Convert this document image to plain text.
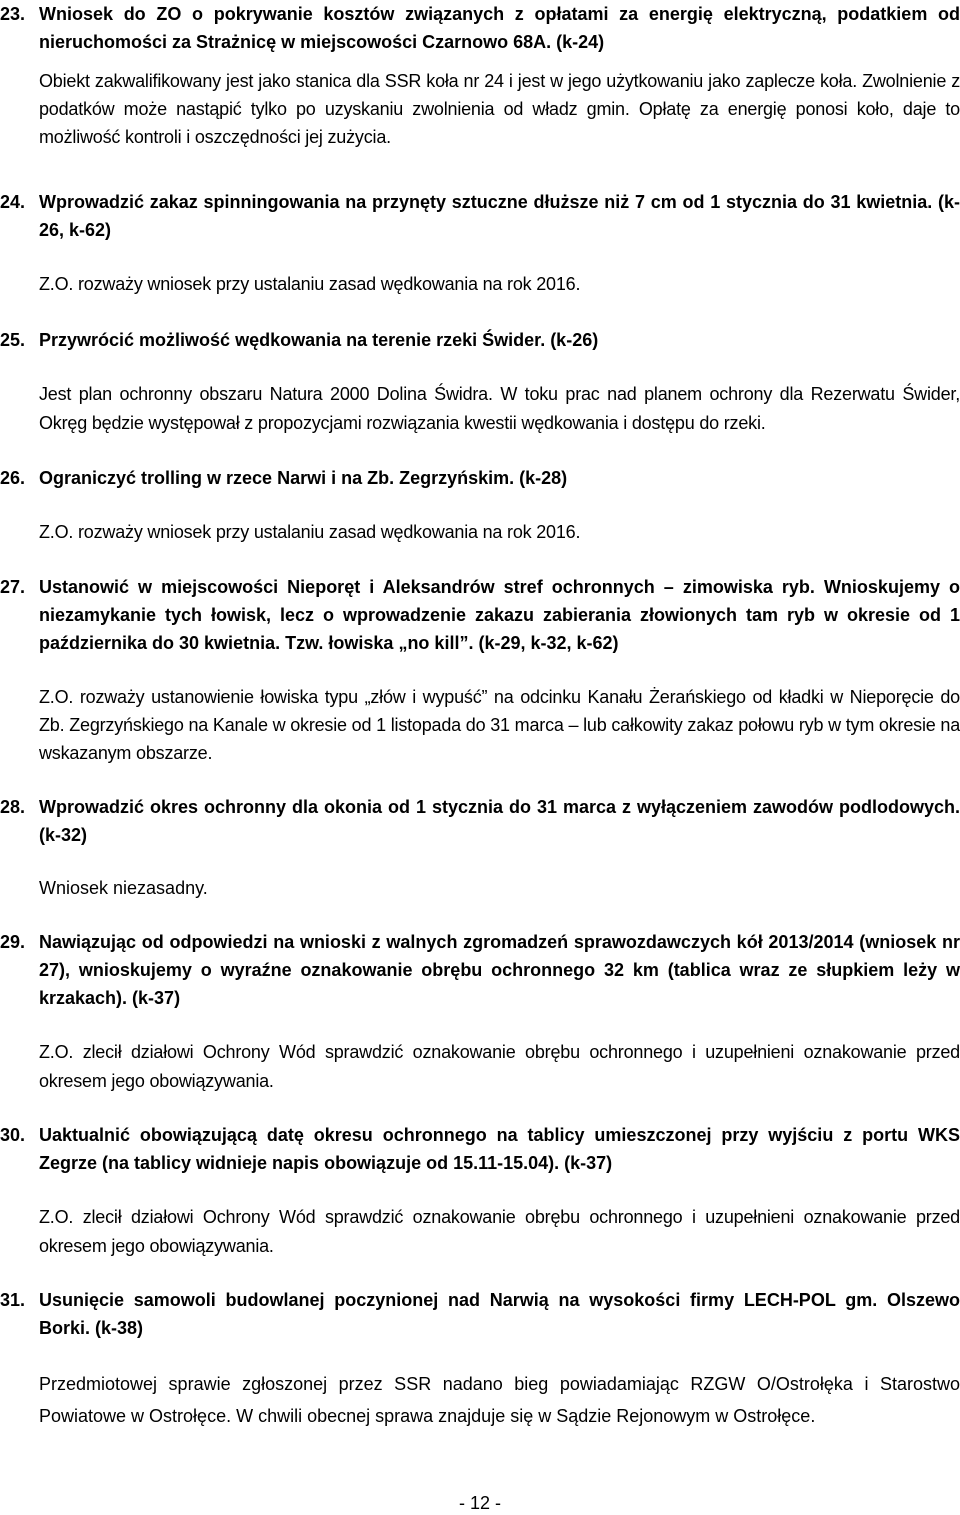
23. Wniosek do ZO o pokrywanie kosztów związanych z opłatami za energię elektryczną, podatkiem od nieruchomości za Strażnicę w miejscowości Czarnowo 68A. (k-24)

Obiekt zakwalifikowany jest jako stanica dla SSR koła nr 24 i jest w jego użytkowaniu jako zaplecze koła. Zwolnienie z podatków może nastąpić tylko po uzyskaniu zwolnienia od władz gmin. Opłatę za energię ponosi koło, daje to możliwość kontroli i oszczędności jej zużycia.

24. Wprowadzić zakaz spinningowania na przynęty sztuczne dłuższe niż 7 cm od 1 stycznia do 31 kwietnia. (k-26, k-62)

Z.O. rozważy wniosek przy ustalaniu zasad wędkowania na rok 2016.

25. Przywrócić możliwość wędkowania na terenie rzeki Świder. (k-26)

Jest plan ochronny obszaru Natura 2000 Dolina Świdra. W toku prac nad planem ochrony dla Rezerwatu Świder, Okręg będzie występował z propozycjami rozwiązania kwestii wędkowania i dostępu do rzeki.

26. Ograniczyć trolling w rzece Narwi i na Zb. Zegrzyńskim. (k-28)

Z.O. rozważy wniosek przy ustalaniu zasad wędkowania na rok 2016.

27. Ustanowić w miejscowości Nieporęt i Aleksandrów stref ochronnych – zimowiska ryb. Wnioskujemy o niezamykanie tych łowisk, lecz o wprowadzenie zakazu zabierania złowionych tam ryb w okresie od 1 października do 30 kwietnia. Tzw. łowiska „no kill”. (k-29, k-32, k-62)

Z.O. rozważy ustanowienie łowiska typu „złów i wypuść” na odcinku Kanału Żerańskiego od kładki w Nieporęcie do Zb. Zegrzyńskiego na Kanale w okresie od 1 listopada do 31 marca – lub całkowity zakaz połowu ryb w tym okresie na wskazanym obszarze.

28. Wprowadzić okres ochronny dla okonia od 1 stycznia do 31 marca z wyłączeniem zawodów podlodowych. (k-32)

Wniosek niezasadny.

29. Nawiązując od odpowiedzi na wnioski z walnych zgromadzeń sprawozdawczych kół 2013/2014 (wniosek nr 27), wnioskujemy o wyraźne oznakowanie obrębu ochronnego 32 km (tablica wraz ze słupkiem leży w krzakach). (k-37)

Z.O. zlecił działowi Ochrony Wód sprawdzić oznakowanie obrębu ochronnego i uzupełnieni oznakowanie przed okresem jego obowiązywania.

30. Uaktualnić obowiązującą datę okresu ochronnego na tablicy umieszczonej przy wyjściu z portu WKS Zegrze (na tablicy widnieje napis obowiązuje od 15.11-15.04). (k-37)

Z.O. zlecił działowi Ochrony Wód sprawdzić oznakowanie obrębu ochronnego i uzupełnieni oznakowanie przed okresem jego obowiązywania.

31. Usunięcie samowoli budowlanej poczynionej nad Narwią na wysokości firmy LECH-POL gm. Olszewo Borki. (k-38)

Przedmiotowej sprawie zgłoszonej przez SSR nadano bieg powiadamiając RZGW O/Ostrołęka i Starostwo Powiatowe w Ostrołęce. W chwili obecnej sprawa znajduje się w Sądzie Rejonowym w Ostrołęce.

- 12 -
